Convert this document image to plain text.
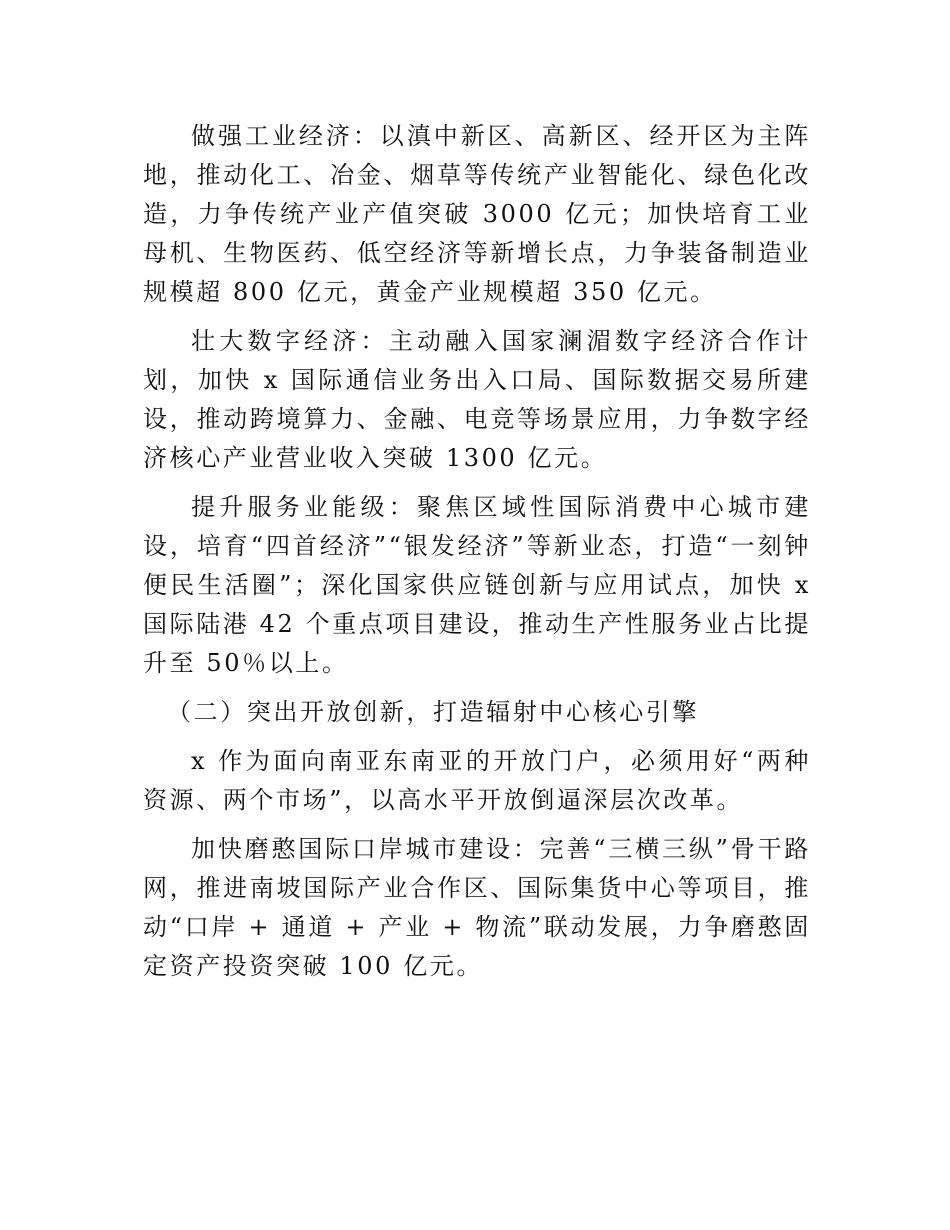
做强工业经济：以滇中新区、高新区、经开区为主阵地，推动化工、冶金、烟草等传统产业智能化、绿色化改造，力争传统产业产值突破 3000 亿元；加快培育工业母机、生物医药、低空经济等新增长点，力争装备制造业规模超 800 亿元，黄金产业规模超 350 亿元。

壮大数字经济：主动融入国家澜湄数字经济合作计划，加快 x 国际通信业务出入口局、国际数据交易所建设，推动跨境算力、金融、电竞等场景应用，力争数字经济核心产业营业收入突破 1300 亿元。

提升服务业能级：聚焦区域性国际消费中心城市建设，培育“四首经济”“银发经济”等新业态，打造“一刻钟便民生活圈”；深化国家供应链创新与应用试点，加快 x 国际陆港 42 个重点项目建设，推动生产性服务业占比提升至 50％以上。

（二）突出开放创新，打造辐射中心核心引擎

x 作为面向南亚东南亚的开放门户，必须用好“两种资源、两个市场”，以高水平开放倒逼深层次改革。

加快磨憨国际口岸城市建设：完善“三横三纵”骨干路网，推进南坡国际产业合作区、国际集货中心等项目，推动“口岸 + 通道 + 产业 + 物流”联动发展，力争磨憨固定资产投资突破 100 亿元。
